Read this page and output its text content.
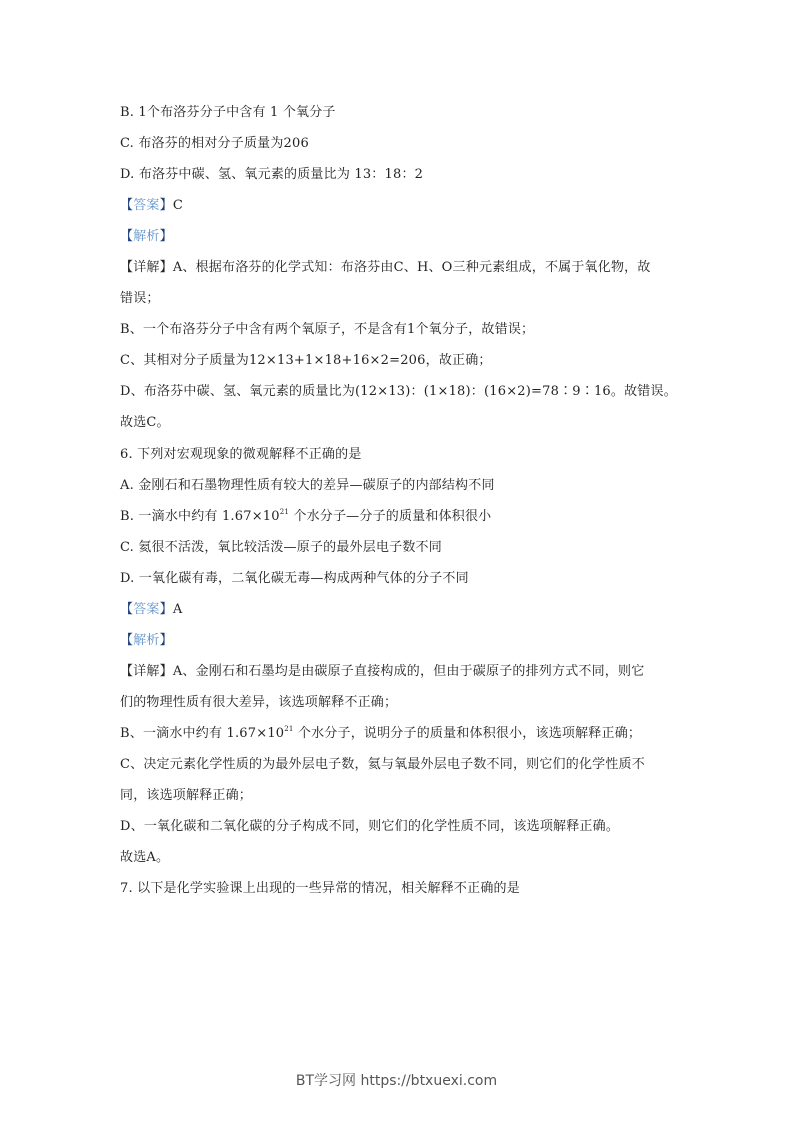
B. 1个布洛芬分子中含有 1 个氧分子
C. 布洛芬的相对分子质量为206
D. 布洛芬中碳、氢、氧元素的质量比为 13：18：2
【答案】C
【解析】
【详解】A、根据布洛芬的化学式知：布洛芬由C、H、O三种元素组成，不属于氧化物，故
错误；
B、一个布洛芬分子中含有两个氧原子，不是含有1个氧分子，故错误；
C、其相对分子质量为12×13+1×18+16×2=206，故正确；
D、布洛芬中碳、氢、氧元素的质量比为(12×13)：(1×18)：(16×2)=78∶9∶16。故错误。
故选C。
6. 下列对宏观现象的微观解释不正确的是
A. 金刚石和石墨物理性质有较大的差异—碳原子的内部结构不同
B. 一滴水中约有 $1.67\times 10^{21}$ 个水分子—分子的质量和体积很小
C. 氦很不活泼，氧比较活泼—原子的最外层电子数不同
D. 一氧化碳有毒，二氧化碳无毒—构成两种气体的分子不同
【答案】A
【解析】
【详解】A、金刚石和石墨均是由碳原子直接构成的，但由于碳原子的排列方式不同，则它
们的物理性质有很大差异，该选项解释不正确；
B、一滴水中约有 $1.67\times 10^{21}$ 个水分子，说明分子的质量和体积很小，该选项解释正确；
C、决定元素化学性质的为最外层电子数，氦与氧最外层电子数不同，则它们的化学性质不
同，该选项解释正确；
D、一氧化碳和二氧化碳的分子构成不同，则它们的化学性质不同，该选项解释正确。
故选A。
7. 以下是化学实验课上出现的一些异常的情况，相关解释不正确的是
BT学习网 https://btxuexi.com
